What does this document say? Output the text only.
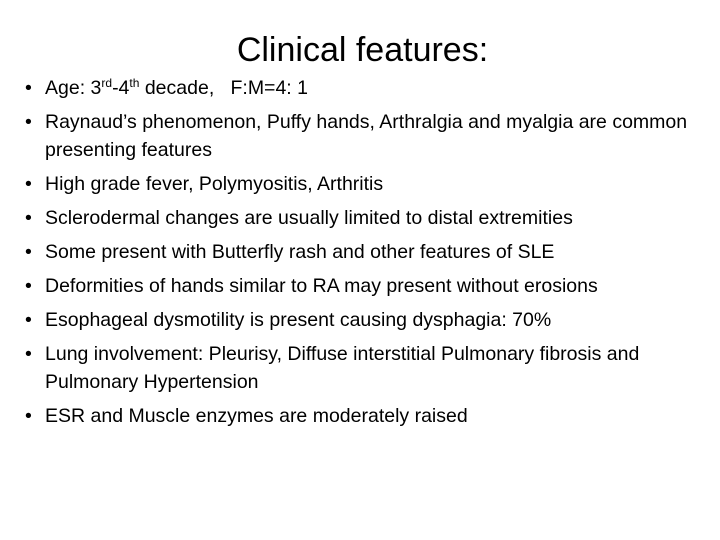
Clinical features:
• Age: 3rd-4th decade,   F:M=4: 1
• Raynaud’s phenomenon, Puffy hands, Arthralgia and myalgia are common presenting features
• High grade fever, Polymyositis, Arthritis
• Sclerodermal changes are usually limited to distal extremities
• Some present with Butterfly rash and other features of SLE
• Deformities of hands similar to RA may present without erosions
• Esophageal dysmotility is present causing dysphagia: 70%
• Lung involvement: Pleurisy, Diffuse interstitial Pulmonary fibrosis and Pulmonary Hypertension
• ESR and Muscle enzymes are moderately raised
